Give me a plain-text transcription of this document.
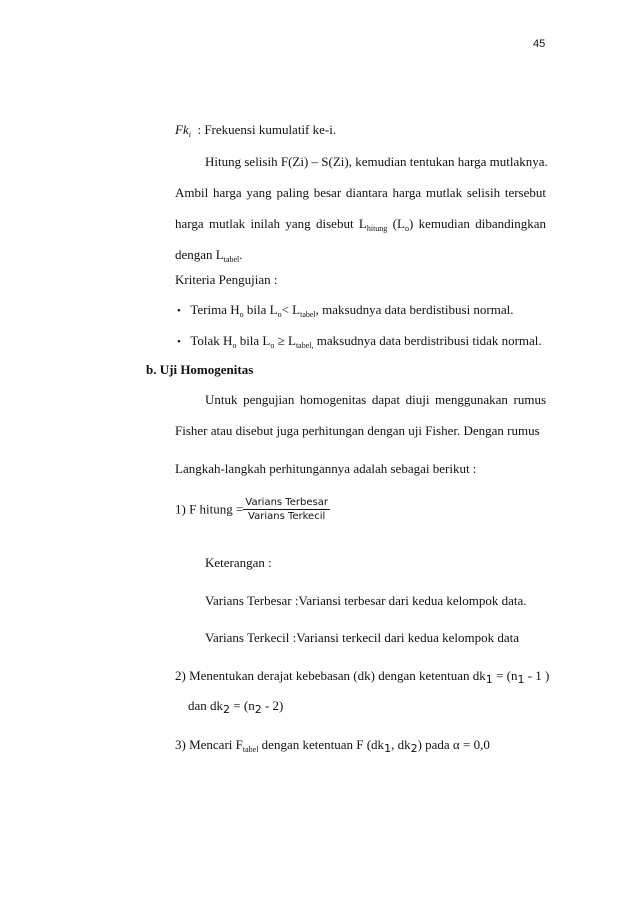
45
$Fk_i$ : Frekuensi kumulatif ke-i.
Hitung selisih F(Zi) – S(Zi), kemudian tentukan harga mutlaknya.
Ambil harga yang paling besar diantara harga mutlak selisih tersebut
harga mutlak inilah yang disebut $L_{hitung}$ $(L_o)$ kemudian dibandingkan
dengan $L_{tabel}$.
Kriteria Pengujian :
• Terima $H_o$ bila $L_o< L_{tabel}$, maksudnya data berdistibusi normal.
• Tolak $H_o$ bila $L_o \ge L_{tabel,}$ maksudnya data berdistribusi tidak normal.
b. Uji Homogenitas
Untuk pengujian homogenitas dapat diuji menggunakan rumus
Fisher atau disebut juga perhitungan dengan uji Fisher. Dengan rumus
Langkah-langkah perhitungannya adalah sebagai berikut :
1) F hitung = $\frac{\text{Varians Terbesar}}{\text{Varians Terkecil}}$
Keterangan :
Varians Terbesar :Variansi terbesar dari kedua kelompok data.
Varians Terkecil :Variansi terkecil dari kedua kelompok data
2) Menentukan derajat kebebasan (dk) dengan ketentuan $dk_1 = (n_1 - 1$ )
dan $dk_2 = (n_2 - 2)$
3) Mencari $F_{tabel}$ dengan ketentuan F ($dk_1$, $dk_2$) pada α = 0,0
